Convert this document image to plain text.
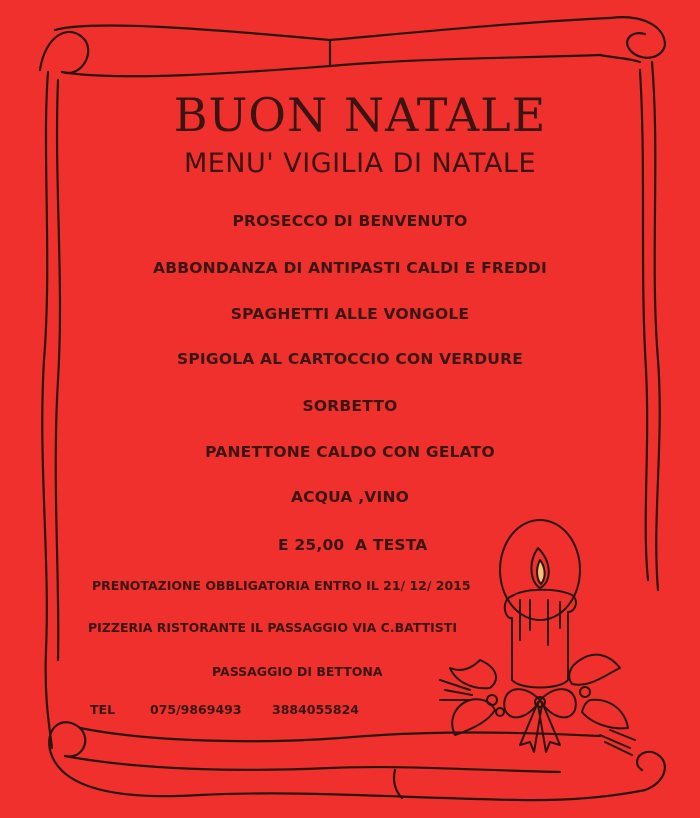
BUON NATALE
MENU' VIGILIA DI NATALE
PROSECCO DI BENVENUTO
ABBONDANZA DI ANTIPASTI CALDI E FREDDI
SPAGHETTI ALLE VONGOLE
SPIGOLA AL CARTOCCIO CON VERDURE
SORBETTO
PANETTONE CALDO CON GELATO
ACQUA ,VINO
E 25,00 A TESTA
PRENOTAZIONE OBBLIGATORIA ENTRO IL 21/ 12/ 2015
PIZZERIA RISTORANTE IL PASSAGGIO VIA C.BATTISTI
PASSAGGIO DI BETTONA
TEL	075/9869493 3884055824
